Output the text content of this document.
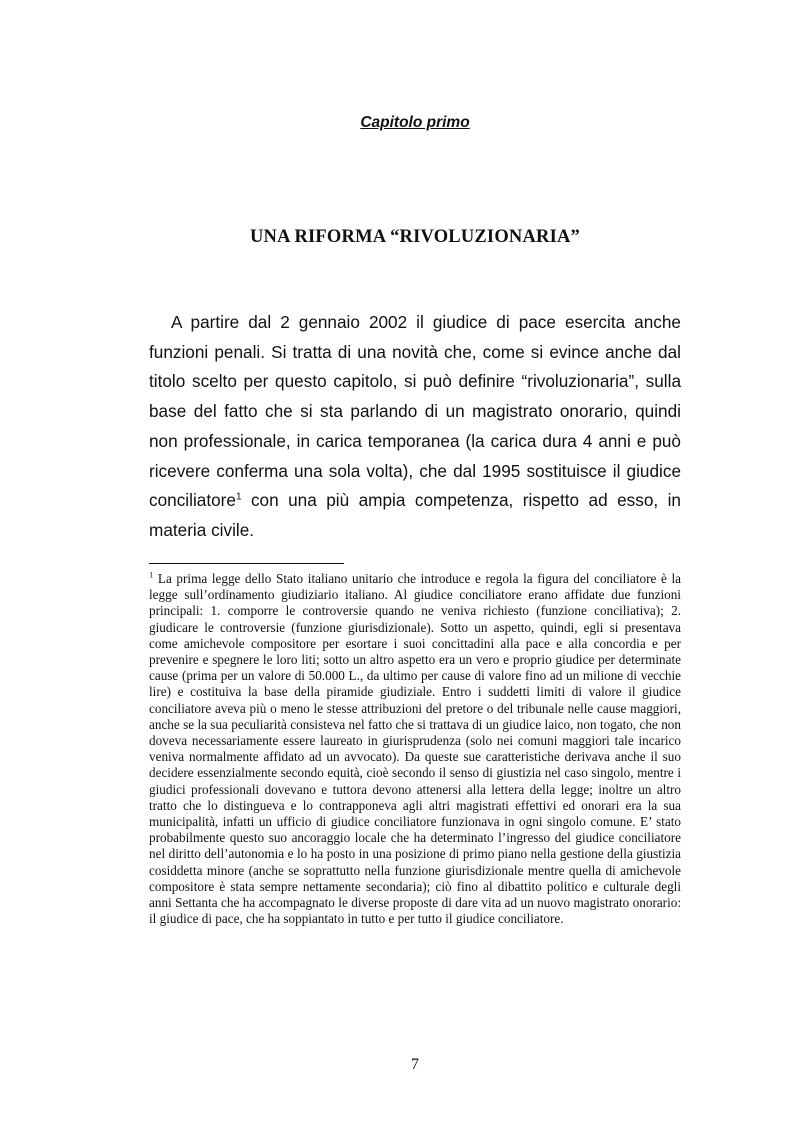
Capitolo primo
UNA RIFORMA “RIVOLUZIONARIA”

A partire dal 2 gennaio 2002 il giudice di pace esercita anche funzioni penali. Si tratta di una novità che, come si evince anche dal titolo scelto per questo capitolo, si può definire “rivoluzionaria”, sulla base del fatto che si sta parlando di un magistrato onorario, quindi non professionale, in carica temporanea (la carica dura 4 anni e può ricevere conferma una sola volta), che dal 1995 sostituisce il giudice conciliatore$^1$ con una più ampia competenza, rispetto ad esso, in materia civile.

$^1$ La prima legge dello Stato italiano unitario che introduce e regola la figura del conciliatore è la legge sull’ordinamento giudiziario italiano. Al giudice conciliatore erano affidate due funzioni principali: 1. comporre le controversie quando ne veniva richiesto (funzione conciliativa); 2. giudicare le controversie (funzione giurisdizionale). Sotto un aspetto, quindi, egli si presentava come amichevole compositore per esortare i suoi concittadini alla pace e alla concordia e per prevenire e spegnere le loro liti; sotto un altro aspetto era un vero e proprio giudice per determinate cause (prima per un valore di 50.000 L., da ultimo per cause di valore fino ad un milione di vecchie lire) e costituiva la base della piramide giudiziale. Entro i suddetti limiti di valore il giudice conciliatore aveva più o meno le stesse attribuzioni del pretore o del tribunale nelle cause maggiori, anche se la sua peculiarità consisteva nel fatto che si trattava di un giudice laico, non togato, che non doveva necessariamente essere laureato in giurisprudenza (solo nei comuni maggiori tale incarico veniva normalmente affidato ad un avvocato). Da queste sue caratteristiche derivava anche il suo decidere essenzialmente secondo equità, cioè secondo il senso di giustizia nel caso singolo, mentre i giudici professionali dovevano e tuttora devono attenersi alla lettera della legge; inoltre un altro tratto che lo distingueva e lo contrapponeva agli altri magistrati effettivi ed onorari era la sua municipalità, infatti un ufficio di giudice conciliatore funzionava in ogni singolo comune. E’ stato probabilmente questo suo ancoraggio locale che ha determinato l’ingresso del giudice conciliatore nel diritto dell’autonomia e lo ha posto in una posizione di primo piano nella gestione della giustizia cosiddetta minore (anche se soprattutto nella funzione giurisdizionale mentre quella di amichevole compositore è stata sempre nettamente secondaria); ciò fino al dibattito politico e culturale degli anni Settanta che ha accompagnato le diverse proposte di dare vita ad un nuovo magistrato onorario: il giudice di pace, che ha soppiantato in tutto e per tutto il giudice conciliatore.

7
